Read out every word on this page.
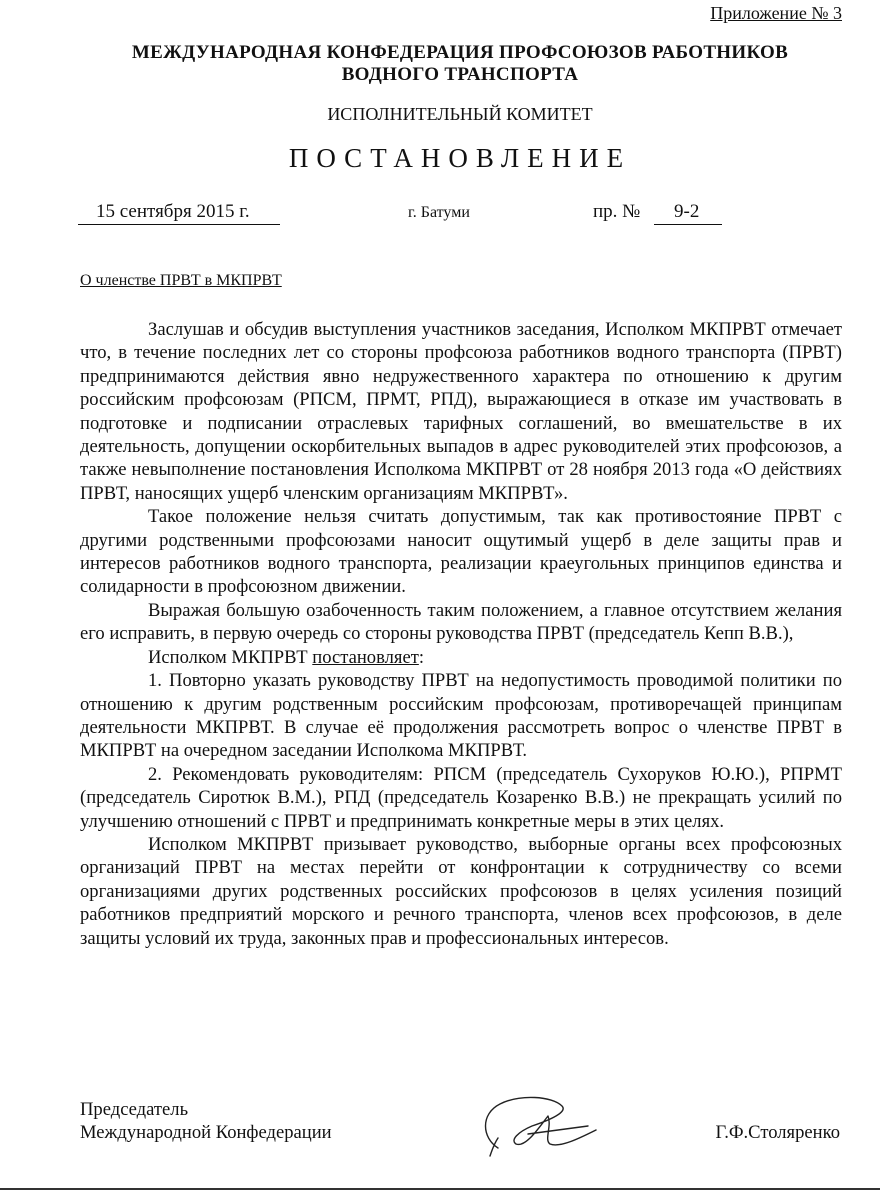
Приложение № 3
МЕЖДУНАРОДНАЯ КОНФЕДЕРАЦИЯ ПРОФСОЮЗОВ РАБОТНИКОВ
ВОДНОГО ТРАНСПОРТА
ИСПОЛНИТЕЛЬНЫЙ КОМИТЕТ
ПОСТАНОВЛЕНИЕ
15 сентября 2015 г.	г. Батуми	пр. №	9-2
О членстве ПРВТ в МКПРВТ

Заслушав и обсудив выступления участников заседания, Исполком МКПРВТ отмечает что, в течение последних лет со стороны профсоюза работников водного транспорта (ПРВТ) предпринимаются действия явно недружественного характера по отношению к другим российским профсоюзам (РПСМ, ПРМТ, РПД), выражающиеся в отказе им участвовать в подготовке и подписании отраслевых тарифных соглашений, во вмешательстве в их деятельность, допущении оскорбительных выпадов в адрес руководителей этих профсоюзов, а также невыполнение постановления Исполкома МКПРВТ от 28 ноября 2013 года «О действиях ПРВТ, наносящих ущерб членским организациям МКПРВТ».

Такое положение нельзя считать допустимым, так как противостояние ПРВТ с другими родственными профсоюзами наносит ощутимый ущерб в деле защиты прав и интересов работников водного транспорта, реализации краеугольных принципов единства и солидарности в профсоюзном движении.

Выражая большую озабоченность таким положением, а главное отсутствием желания его исправить, в первую очередь со стороны руководства ПРВТ (председатель Кепп В.В.),

Исполком МКПРВТ постановляет:

1. Повторно указать руководству ПРВТ на недопустимость проводимой политики по отношению к другим родственным российским профсоюзам, противоречащей принципам деятельности МКПРВТ. В случае её продолжения рассмотреть вопрос о членстве ПРВТ в МКПРВТ на очередном заседании Исполкома МКПРВТ.

2. Рекомендовать руководителям: РПСМ (председатель Сухоруков Ю.Ю.), РПРМТ (председатель Сиротюк В.М.), РПД (председатель Козаренко В.В.) не прекращать усилий по улучшению отношений с ПРВТ и предпринимать конкретные меры в этих целях.

Исполком МКПРВТ призывает руководство, выборные органы всех профсоюзных организаций ПРВТ на местах перейти от конфронтации к сотрудничеству со всеми организациями других родственных российских профсоюзов в целях усиления позиций работников предприятий морского и речного транспорта, членов всех профсоюзов, в деле защиты условий их труда, законных прав и профессиональных интересов.

Председатель
Международной Конфедерации	Г.Ф.Столяренко
